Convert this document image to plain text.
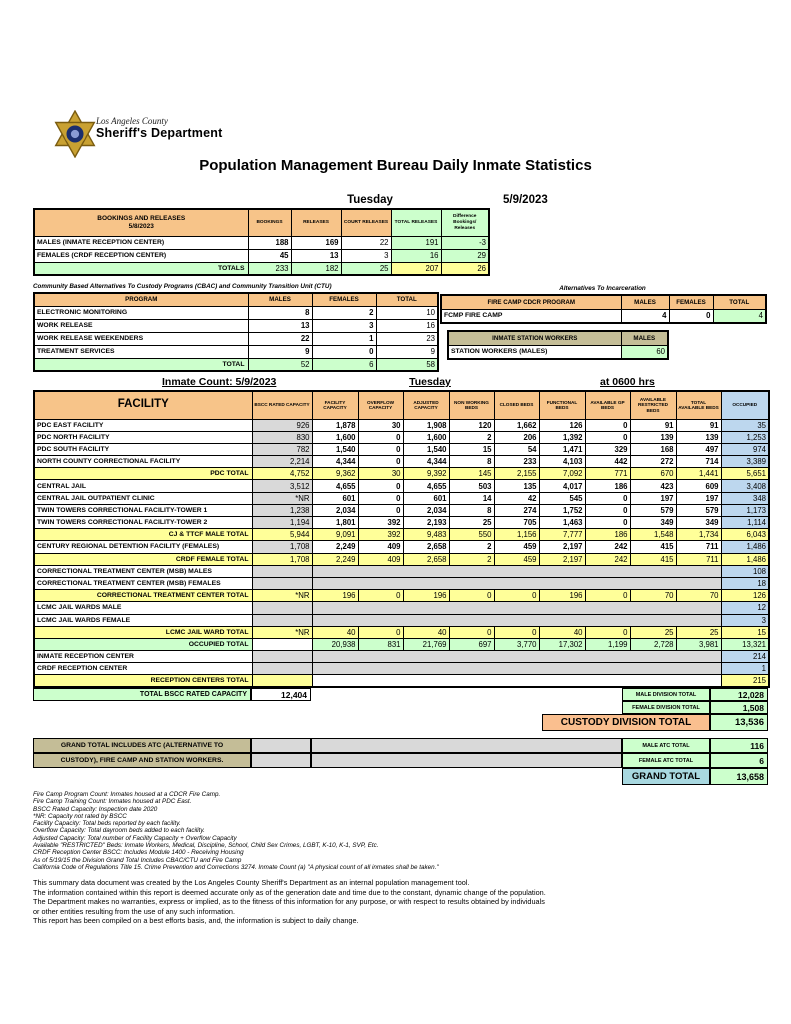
Los Angeles County
Sheriff's Department
Population Management Bureau Daily Inmate Statistics
Tuesday	5/9/2023
BOOKINGS AND RELEASES
5/8/2023	BOOKINGS	RELEASES	COURT RELEASES	TOTAL RELEASES	Difference Bookings/ Releases
MALES (INMATE RECEPTION CENTER)	188	169	22	191	-3
FEMALES (CRDF RECEPTION CENTER)	45	13	3	16	29
TOTALS	233	182	25	207	26
Community Based Alternatives To Custody Programs (CBAC) and Community Transition Unit (CTU)
PROGRAM	MALES	FEMALES	TOTAL
ELECTRONIC MONITORING	8	2	10
WORK RELEASE	13	3	16
WORK RELEASE WEEKENDERS	22	1	23
TREATMENT SERVICES	9	0	9
TOTAL	52	6	58
Alternatives To Incarceration
FIRE CAMP CDCR PROGRAM	MALES	FEMALES	TOTAL
FCMP FIRE CAMP	4	0	4
INMATE STATION WORKERS	MALES
STATION WORKERS (MALES)	60
Inmate Count: 5/9/2023	Tuesday	at 0600 hrs
FACILITY	BSCC RATED CAPACITY	FACILITY CAPACITY	OVERFLOW CAPACITY	ADJUSTED CAPACITY	NON WORKING BEDS	CLOSED BEDS	FUNCTIONAL BEDS	AVAILABLE GP BEDS	AVAILABLE RESTRICTED BEDS	TOTAL AVAILABLE BEDS	OCCUPIED
PDC EAST FACILITY	926	1,878	30	1,908	120	1,662	126	0	91	91	35
PDC NORTH FACILITY	830	1,600	0	1,600	2	206	1,392	0	139	139	1,253
PDC SOUTH FACILITY	782	1,540	0	1,540	15	54	1,471	329	168	497	974
NORTH COUNTY CORRECTIONAL FACILITY	2,214	4,344	0	4,344	8	233	4,103	442	272	714	3,389
PDC TOTAL	4,752	9,362	30	9,392	145	2,155	7,092	771	670	1,441	5,651
CENTRAL JAIL	3,512	4,655	0	4,655	503	135	4,017	186	423	609	3,408
CENTRAL JAIL OUTPATIENT CLINIC	*NR	601	0	601	14	42	545	0	197	197	348
TWIN TOWERS CORRECTIONAL FACILITY-TOWER 1	1,238	2,034	0	2,034	8	274	1,752	0	579	579	1,173
TWIN TOWERS CORRECTIONAL FACILITY-TOWER 2	1,194	1,801	392	2,193	25	705	1,463	0	349	349	1,114
CJ & TTCF MALE TOTAL	5,944	9,091	392	9,483	550	1,156	7,777	186	1,548	1,734	6,043
CENTURY REGIONAL DETENTION FACILITY (FEMALES)	1,708	2,249	409	2,658	2	459	2,197	242	415	711	1,486
CRDF FEMALE TOTAL	1,708	2,249	409	2,658	2	459	2,197	242	415	711	1,486
CORRECTIONAL TREATMENT CENTER (MSB) MALES											108
CORRECTIONAL TREATMENT CENTER (MSB) FEMALES											18
CORRECTIONAL TREATMENT CENTER TOTAL	*NR	196	0	196	0	0	196	0	70	70	126
LCMC JAIL WARDS MALE											12
LCMC JAIL WARDS FEMALE											3
LCMC JAIL WARD TOTAL	*NR	40	0	40	0	0	40	0	25	25	15
OCCUPIED TOTAL		20,938	831	21,769	697	3,770	17,302	1,199	2,728	3,981	13,321
INMATE RECEPTION CENTER											214
CRDF RECEPTION CENTER											1
RECEPTION CENTERS TOTAL											215
TOTAL BSCC RATED CAPACITY	12,404	MALE DIVISION TOTAL	12,028
FEMALE DIVISION TOTAL	1,508
CUSTODY DIVISION TOTAL	13,536
GRAND TOTAL INCLUDES ATC (ALTERNATIVE TO
CUSTODY), FIRE CAMP AND STATION WORKERS.
MALE ATC TOTAL	116
FEMALE ATC TOTAL	6
GRAND TOTAL	13,658
Fire Camp Program Count: Inmates housed at a CDCR Fire Camp.
Fire Camp Training Count: Inmates housed at PDC East.
BSCC Rated Capacity: Inspection date 2020
*NR: Capacity not rated by BSCC
Facility Capacity: Total beds reported by each facility.
Overflow Capacity: Total dayroom beds added to each facility.
Adjusted Capacity: Total number of Facility Capacity + Overflow Capacity
Available "RESTRICTED" Beds: Inmate Workers, Medical, Discipline, School, Child Sex Crimes, LGBT, K-10, K-1, SVP, Etc.
CRDF Reception Center BSCC: Includes Module 1400 - Receiving Housing
As of 5/19/15 the Division Grand Total Includes CBAC/CTU and Fire Camp
California Code of Regulations Title 15. Crime Prevention and Corrections 3274. Inmate Count (a) "A physical count of all inmates shall be taken."
This summary data document was created by the Los Angeles County Sheriff's Department as an internal population management tool.
The information contained within this report is deemed accurate only as of the generation date and time due to the constant, dynamic change of the population.
The Department makes no warranties, express or implied, as to the fitness of this information for any purpose, or with respect to results obtained by individuals
or other entities resulting from the use of any such information.
This report has been compiled on a best efforts basis, and, the information is subject to daily change.
